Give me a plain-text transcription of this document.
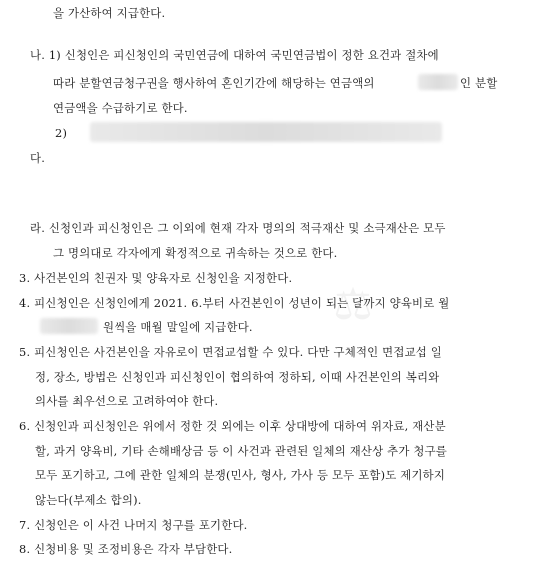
⚖
을 가산하여 지급한다.
나. 1) 신청인은 피신청인의 국민연금에 대하여 국민연금법이 정한 요건과 절차에
따라 분할연금청구권을 행사하여 혼인기간에 해당하는 연금액의	인 분할
연금액을 수급하기로 한다.
2)
다.
라. 신청인과 피신청인은 그 이외에 현재 각자 명의의 적극재산 및 소극재산은 모두
그 명의대로 각자에게 확정적으로 귀속하는 것으로 한다.
3. 사건본인의 친권자 및 양육자로 신청인을 지정한다.
4. 피신청인은 신청인에게 2021. 6.부터 사건본인이 성년이 되는 달까지 양육비로 월
원씩을 매월 말일에 지급한다.
5. 피신청인은 사건본인을 자유로이 면접교섭할 수 있다. 다만 구체적인 면접교섭 일
정, 장소, 방법은 신청인과 피신청인이 협의하여 정하되, 이때 사건본인의 복리와
의사를 최우선으로 고려하여야 한다.
6. 신청인과 피신청인은 위에서 정한 것 외에는 이후 상대방에 대하여 위자료, 재산분
할, 과거 양육비, 기타 손해배상금 등 이 사건과 관련된 일체의 재산상 추가 청구를
모두 포기하고, 그에 관한 일체의 분쟁(민사, 형사, 가사 등 모두 포함)도 제기하지
않는다(부제소 합의).
7. 신청인은 이 사건 나머지 청구를 포기한다.
8. 신청비용 및 조정비용은 각자 부담한다.
